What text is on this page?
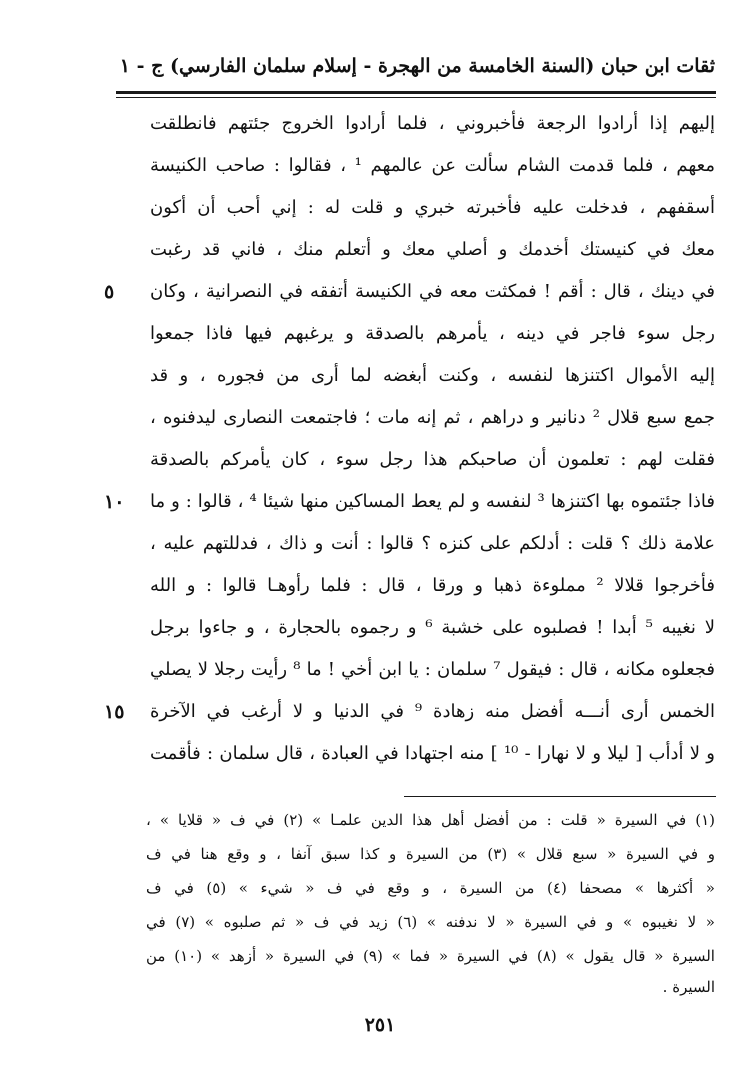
ثقات ابن حبان (السنة الخامسة من الهجرة - إسلام سلمان الفارسي) ج - ١
إليهم إذا أرادوا الرجعة فأخبروني ، فلما أرادوا الخروج جئتهم فانطلقت
معهم ، فلما قدمت الشام سألت عن عالمهم ¹ ، فقالوا : صاحب الكنيسة
أسقفهم ، فدخلت عليه فأخبرته خبري و قلت له : إني أحب أن أكون
معك في كنيستك أخدمك و أصلي معك و أتعلم منك ، فاني قد رغبت
في دينك ، قال : أقم ! فمكثت معه في الكنيسة أتفقه في النصرانية ، وكان
٥
رجل سوء فاجر في دينه ، يأمرهم بالصدقة و يرغبهم فيها فاذا جمعوا
إليه الأموال اكتنزها لنفسه ، وكنت أبغضه لما أرى من فجوره ، و قد
جمع سبع قلال ² دنانير و دراهم ، ثم إنه مات ؛ فاجتمعت النصارى ليدفنوه ،
فقلت لهم : تعلمون أن صاحبكم هذا رجل سوء ، كان يأمركم بالصدقة
فاذا جئتموه بها اكتنزها ³ لنفسه و لم يعط المساكين منها شيئا ⁴ ، قالوا : و ما
١٠
علامة ذلك ؟ قلت : أدلكم على كنزه ؟ قالوا : أنت و ذاك ، فدللتهم عليه ،
فأخرجوا قلالا ² مملوءة ذهبا و ورقا ، قال : فلما رأوهـا قالوا : و الله
لا نغيبه ⁵ أبدا ! فصلبوه على خشبة ⁶ و رجموه بالحجارة ، و جاءوا برجل
فجعلوه مكانه ، قال : فيقول ⁷ سلمان : يا ابن أخي ! ما ⁸ رأيت رجلا لا يصلي
الخمس أرى أنـــه أفضل منه زهادة ⁹ في الدنيا و لا أرغب في الآخرة
١٥
و لا أدأب [ ليلا و لا نهارا - ¹⁰ ] منه اجتهادا في العبادة ، قال سلمان : فأقمت
(١) في السيرة « قلت : من أفضل أهل هذا الدين علمـا » (٢) في ف « قلايا » ،
و في السيرة « سبع قلال » (٣) من السيرة و كذا سبق آنفا ، و وقع هنا في ف
« أكثرها » مصحفا (٤) من السيرة ، و وقع في ف « شيء » (٥) في ف
« لا نغيبوه » و في السيرة « لا ندفنه » (٦) زيد في ف « ثم صلبوه » (٧) في
السيرة « قال يقول » (٨) في السيرة « فما » (٩) في السيرة « أزهد » (١٠) من
السيرة .
٢٥١
